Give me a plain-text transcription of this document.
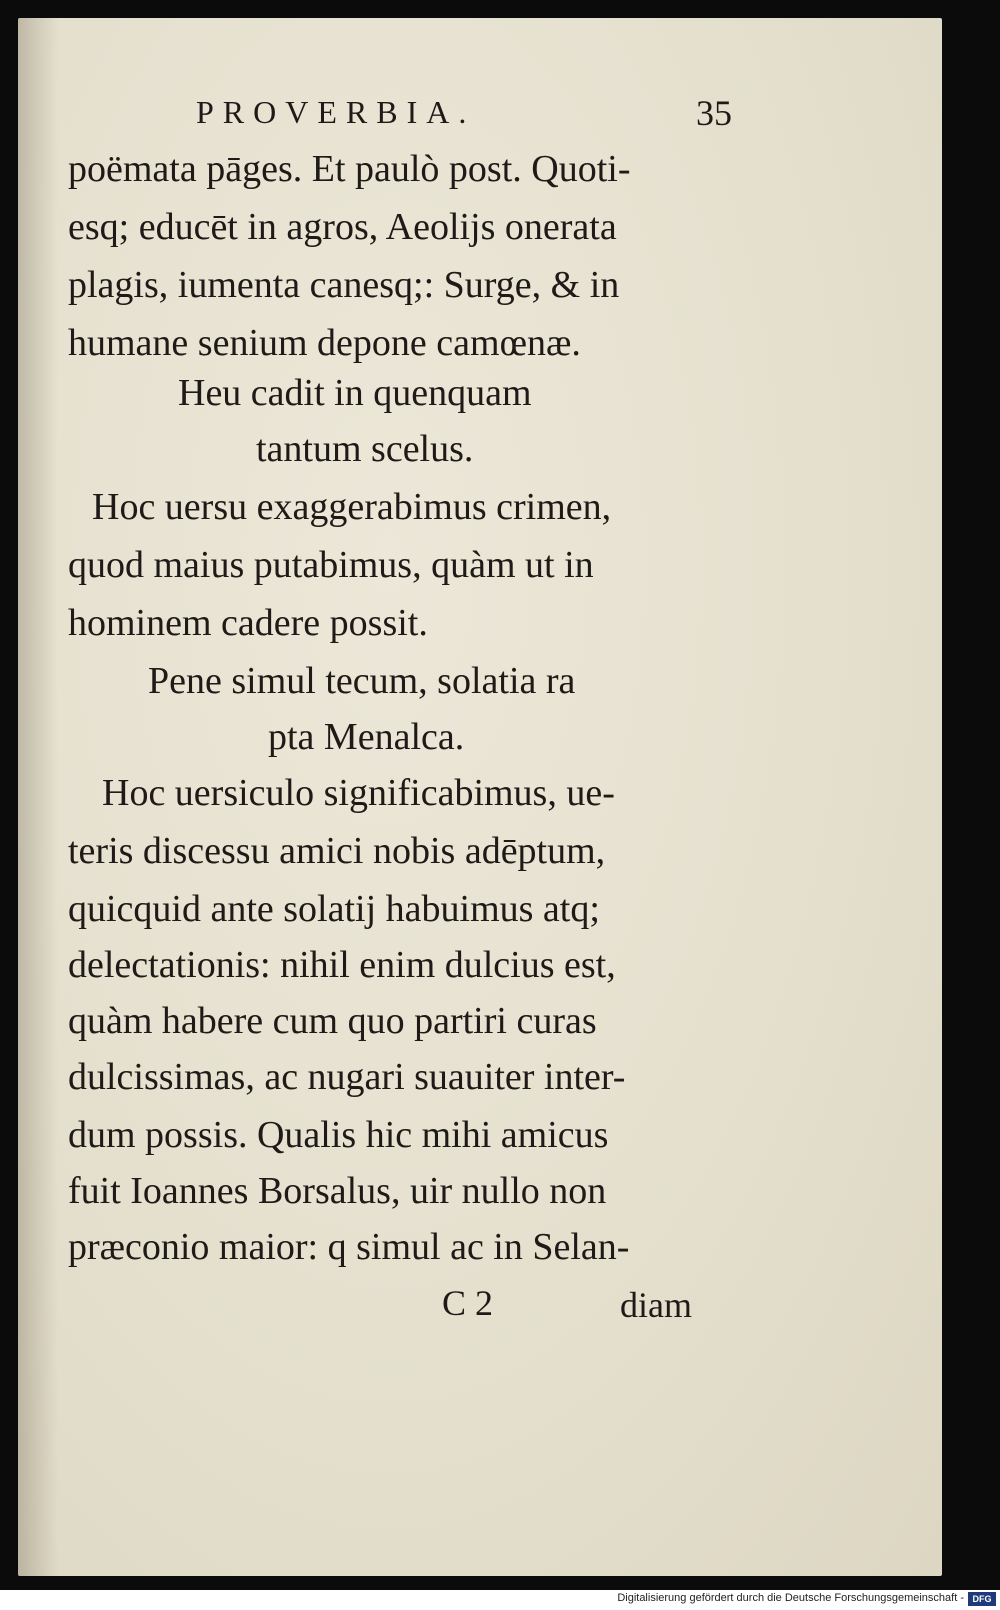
PROVERBIA.	35
poëmata pāges. Et paulò post. Quoti-
esq; educēt in agros, Aeolijs onerata
plagis, iumenta canesq;: Surge, & in
humane senium depone camœnæ.
Heu cadit in quenquam
tantum scelus.
Hoc uersu exaggerabimus crimen,
quod maius putabimus, quàm ut in
hominem cadere possit.
Pene simul tecum, solatia ra
pta Menalca.
Hoc uersiculo significabimus, ue-
teris discessu amici nobis adēptum,
quicquid ante solatij habuimus atq;
delectationis: nihil enim dulcius est,
quàm habere cum quo partiri curas
dulcissimas, ac nugari suauiter inter-
dum possis. Qualis hic mihi amicus
fuit Ioannes Borsalus, uir nullo non
præconio maior: q simul ac in Selan-
C 2	diam
Digitalisierung gefördert durch die Deutsche Forschungsgemeinschaft - DFG
